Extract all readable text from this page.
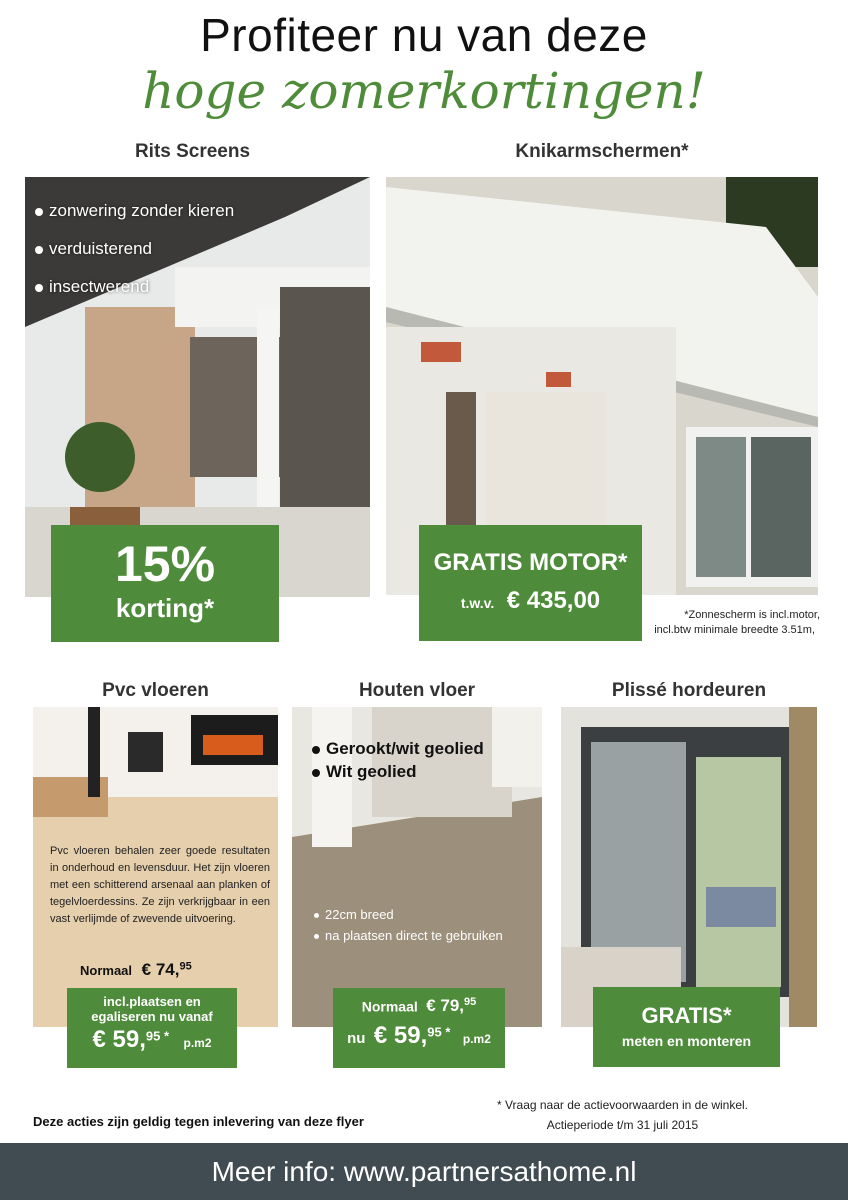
Profiteer nu van deze
hoge zomerkortingen!
Rits Screens	Knikarmschermen*
zonwering zonder kieren
verduisterend
insectwerend
15%
korting*
GRATIS MOTOR*
t.w.v. € 435,00
*Zonnescherm is incl.motor,
incl.btw minimale breedte 3.51m,
Pvc vloeren	Houten vloer	Plissé hordeuren
Pvc vloeren behalen zeer goede resultaten in onderhoud en levensduur. Het zijn vloeren met een schitterend arsenaal aan planken of tegelvloerdessins. Ze zijn verkrijgbaar in een vast verlijmde of zwevende uitvoering.
Normaal € 74,95
incl.plaatsen en
egaliseren nu vanaf
€ 59,$^{95 *}$ p.m2
Gerookt/wit geolied
Wit geolied
22cm breed
na plaatsen direct te gebruiken
Normaal € 79,95
nu € 59,$^{95 *}$ p.m2
GRATIS*
meten en monteren
Deze acties zijn geldig tegen inlevering van deze flyer
* Vraag naar de actievoorwaarden in de winkel.
Actieperiode t/m 31 juli 2015
Meer info: www.partnersathome.nl
